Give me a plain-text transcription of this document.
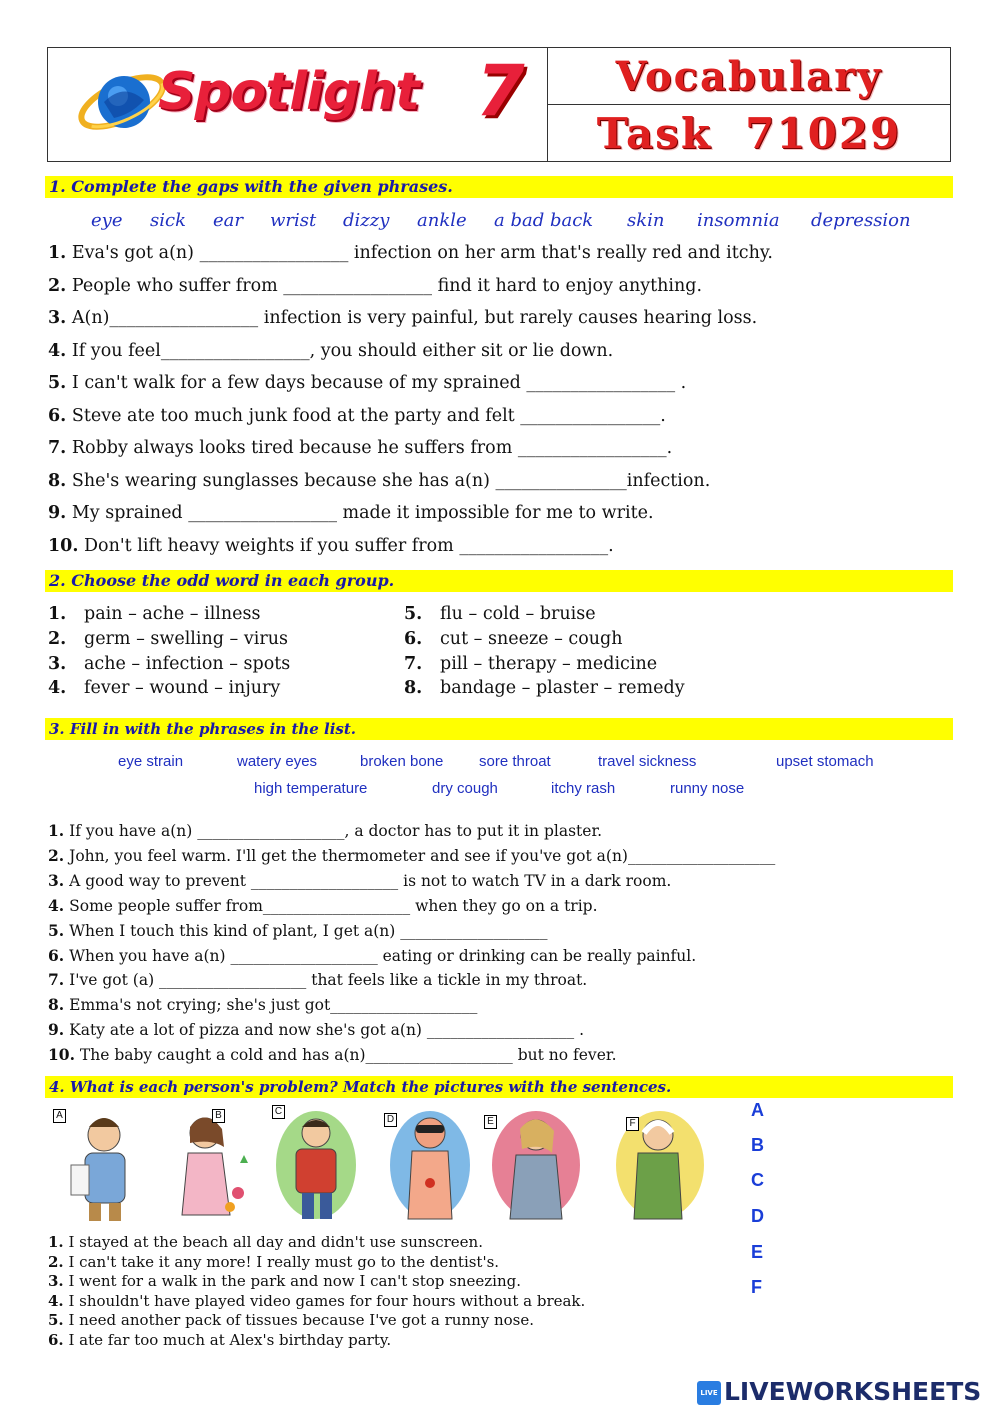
Spotlight 7 Vocabulary
Task  71029
1. Complete the gaps with the given phrases.
eye sick ear wrist dizzy ankle a bad back skin insomnia depression
1. Eva's got a(n) _________________ infection on her arm that's really red and itchy.
2. People who suffer from _________________ find it hard to enjoy anything.
3. A(n)_________________ infection is very painful, but rarely causes hearing loss.
4. If you feel_________________, you should either sit or lie down.
5. I can't walk for a few days because of my sprained _________________ .
6. Steve ate too much junk food at the party and felt ________________.
7. Robby always looks tired because he suffers from _________________.
8. She's wearing sunglasses because she has a(n) _______________infection.
9. My sprained _________________ made it impossible for me to write.
10. Don't lift heavy weights if you suffer from _________________.
2. Choose the odd word in each group.
1. pain – ache – illness
2. germ – swelling – virus
3. ache – infection – spots
4. fever – wound – injury
5. flu – cold – bruise
6. cut – sneeze – cough
7. pill – therapy – medicine
8. bandage – plaster – remedy
3. Fill in with the phrases in the list.
eye strain	watery eyes	broken bone sore throat	travel sickness	upset stomach
high temperature	dry cough	itchy rash	runny nose
1. If you have a(n) ___________________, a doctor has to put it in plaster.
2. John, you feel warm. I'll get the thermometer and see if you've got a(n)___________________
3. A good way to prevent ___________________ is not to watch TV in a dark room.
4. Some people suffer from___________________ when they go on a trip.
5. When I touch this kind of plant, I get a(n) ___________________
6. When you have a(n) ___________________ eating or drinking can be really painful.
7. I've got (a) ___________________ that feels like a tickle in my throat.
8. Emma's not crying; she's just got___________________
9. Katy ate a lot of pizza and now she's got a(n) ___________________ .
10. The baby caught a cold and has a(n)___________________ but no fever.
4. What is each person's problem? Match the pictures with the sentences.
A	B	C
D	E	F
A
B
C
D
E
F
1. I stayed at the beach all day and didn't use sunscreen.
2. I can't take it any more! I really must go to the dentist's.
3. I went for a walk in the park and now I can't stop sneezing.
4. I shouldn't have played video games for four hours without a break.
5. I need another pack of tissues because I've got a runny nose.
6. I ate far too much at Alex's birthday party.
LIVE LIVEWORKSHEETS
